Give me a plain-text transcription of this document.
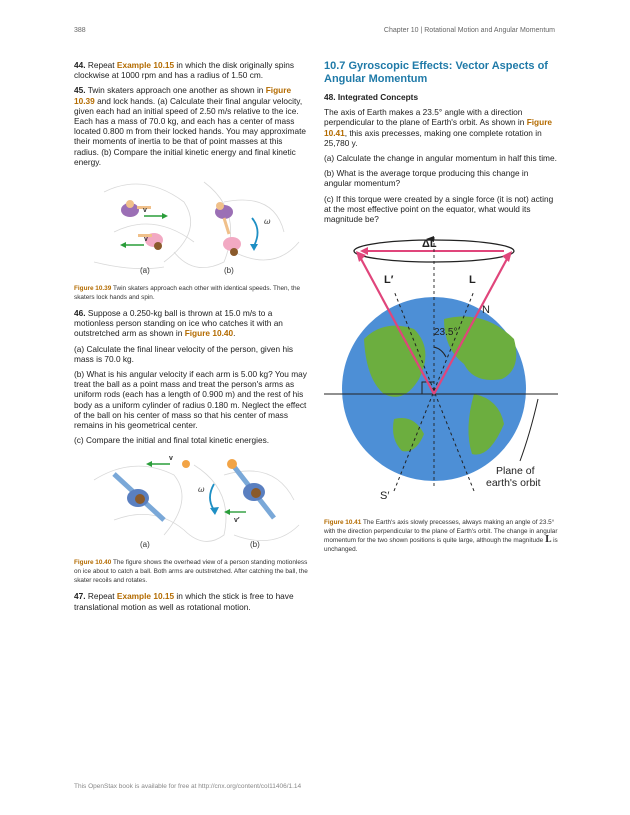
388	Chapter 10 | Rotational Motion and Angular Momentum

44. Repeat Example 10.15 in which the disk originally spins clockwise at 1000 rpm and has a radius of 1.50 cm.

45. Twin skaters approach one another as shown in Figure 10.39 and lock hands. (a) Calculate their final angular velocity, given each had an initial speed of 2.50 m/s relative to the ice. Each has a mass of 70.0 kg, and each has a center of mass located 0.800 m from their locked hands. You may approximate their moments of inertia to be that of point masses at this radius. (b) Compare the initial kinetic energy and final kinetic energy.

v
v
ω
(a)	(b)
Figure 10.39 Twin skaters approach each other with identical speeds. Then, the skaters lock hands and spin.

46. Suppose a 0.250-kg ball is thrown at 15.0 m/s to a motionless person standing on ice who catches it with an outstretched arm as shown in Figure 10.40.

(a) Calculate the final linear velocity of the person, given his mass is 70.0 kg.

(b) What is his angular velocity if each arm is 5.00 kg? You may treat the ball as a point mass and treat the person's arms as uniform rods (each has a length of 0.900 m) and the rest of his body as a uniform cylinder of radius 0.180 m. Neglect the effect of the ball on his center of mass so that his center of mass remains in his geometrical center.

(c) Compare the initial and final total kinetic energies.

v
ω
v′
(a)	(b)
Figure 10.40 The figure shows the overhead view of a person standing motionless on ice about to catch a ball. Both arms are outstretched. After catching the ball, the skater recoils and rotates.

47. Repeat Example 10.15 in which the stick is free to have translational motion as well as rotational motion.

10.7 Gyroscopic Effects: Vector Aspects of Angular Momentum
48. Integrated Concepts

The axis of Earth makes a 23.5° angle with a direction perpendicular to the plane of Earth's orbit. As shown in Figure 10.41, this axis precesses, making one complete rotation in 25,780 y.

(a) Calculate the change in angular momentum in half this time.

(b) What is the average torque producing this change in angular momentum?

(c) If this torque were created by a single force (it is not) acting at the most effective point on the equator, what would its magnitude be?

ΔL
L′	L
N
23.5°
S′
Plane of
earth's orbit
Figure 10.41 The Earth's axis slowly precesses, always making an angle of 23.5° with the direction perpendicular to the plane of Earth's orbit. The change in angular momentum for the two shown positions is quite large, although the magnitude L is unchanged.
This OpenStax book is available for free at http://cnx.org/content/col11406/1.14
